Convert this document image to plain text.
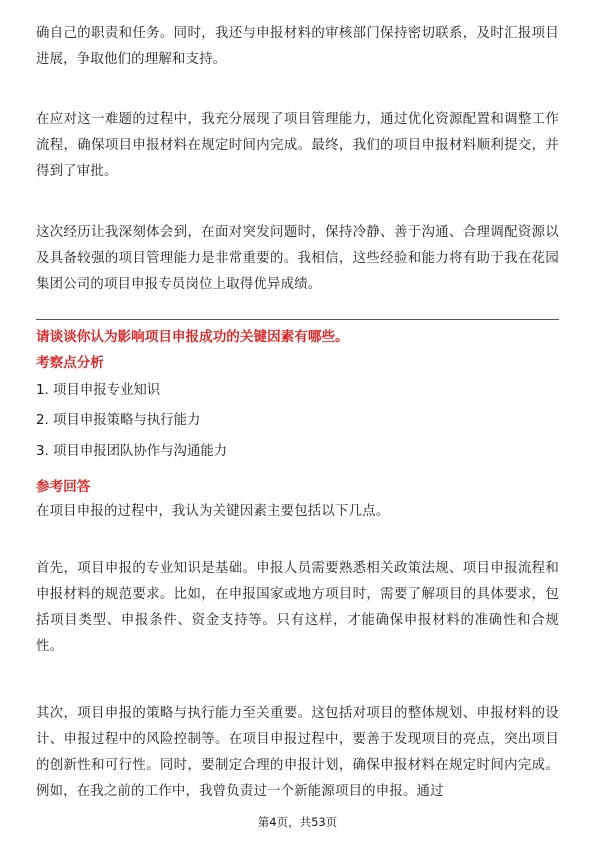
确自己的职责和任务。同时，我还与申报材料的审核部门保持密切联系，及时汇报项目进展，争取他们的理解和支持。

在应对这一难题的过程中，我充分展现了项目管理能力，通过优化资源配置和调整工作流程，确保项目申报材料在规定时间内完成。最终，我们的项目申报材料顺利提交，并得到了审批。

这次经历让我深刻体会到，在面对突发问题时，保持冷静、善于沟通、合理调配资源以及具备较强的项目管理能力是非常重要的。我相信，这些经验和能力将有助于我在花园集团公司的项目申报专员岗位上取得优异成绩。

请谈谈你认为影响项目申报成功的关键因素有哪些。
考察点分析
1. 项目申报专业知识
2. 项目申报策略与执行能力
3. 项目申报团队协作与沟通能力
参考回答

在项目申报的过程中，我认为关键因素主要包括以下几点。

首先，项目申报的专业知识是基础。申报人员需要熟悉相关政策法规、项目申报流程和申报材料的规范要求。比如，在申报国家或地方项目时，需要了解项目的具体要求，包括项目类型、申报条件、资金支持等。只有这样，才能确保申报材料的准确性和合规性。

其次，项目申报的策略与执行能力至关重要。这包括对项目的整体规划、申报材料的设计、申报过程中的风险控制等。在项目申报过程中，要善于发现项目的亮点，突出项目的创新性和可行性。同时，要制定合理的申报计划，确保申报材料在规定时间内完成。例如，在我之前的工作中，我曾负责过一个新能源项目的申报。通过

第4页，共53页
